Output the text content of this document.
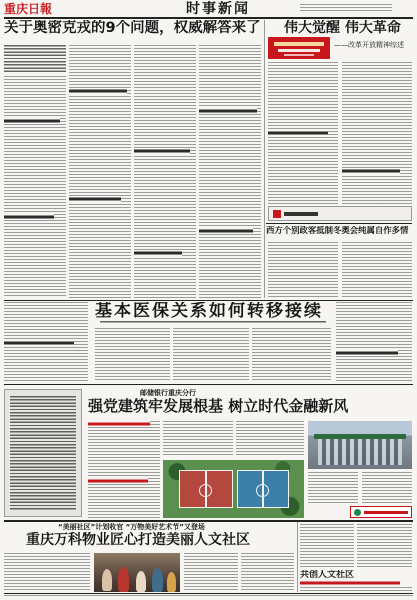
重庆日報	时事新闻
关于奥密克戎的9个问题，权威解答来了 伟大觉醒 伟大革命
——改革开放精神综述
西方个别政客抵制冬奥会纯属自作多情
基本医保关系如何转移接续
邮储银行重庆分行
强党建筑牢发展根基 树立时代金融新风
“美丽社区”计划收官 “万物美好艺术节”又登场
重庆万科物业匠心打造美丽人文社区
共创人文社区
